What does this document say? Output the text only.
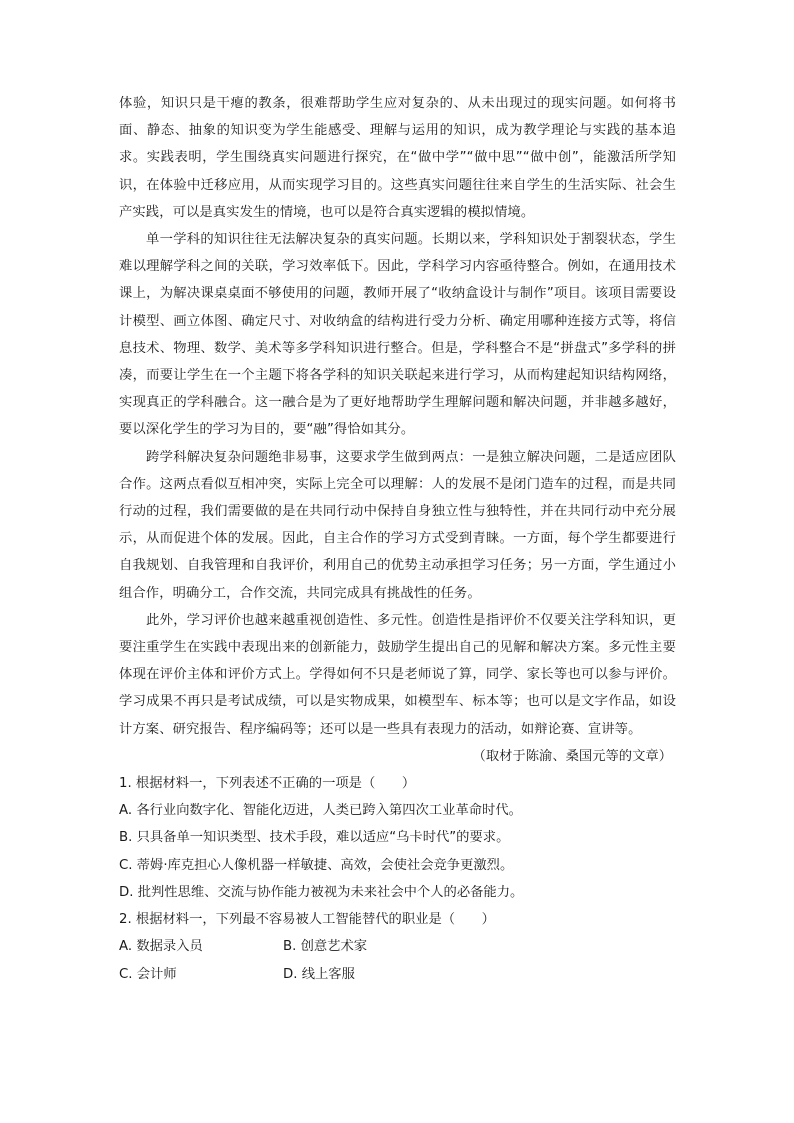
体验，知识只是干瘪的教条，很难帮助学生应对复杂的、从未出现过的现实问题。如何将书面、静态、抽象的知识变为学生能感受、理解与运用的知识，成为教学理论与实践的基本追求。实践表明，学生围绕真实问题进行探究，在“做中学”“做中思”“做中创”，能激活所学知识，在体验中迁移应用，从而实现学习目的。这些真实问题往往来自学生的生活实际、社会生产实践，可以是真实发生的情境，也可以是符合真实逻辑的模拟情境。

单一学科的知识往往无法解决复杂的真实问题。长期以来，学科知识处于割裂状态，学生难以理解学科之间的关联，学习效率低下。因此，学科学习内容亟待整合。例如，在通用技术课上，为解决课桌桌面不够使用的问题，教师开展了“收纳盒设计与制作”项目。该项目需要设计模型、画立体图、确定尺寸、对收纳盒的结构进行受力分析、确定用哪种连接方式等，将信息技术、物理、数学、美术等多学科知识进行整合。但是，学科整合不是“拼盘式”多学科的拼凑，而要让学生在一个主题下将各学科的知识关联起来进行学习，从而构建起知识结构网络，实现真正的学科融合。这一融合是为了更好地帮助学生理解问题和解决问题，并非越多越好，要以深化学生的学习为目的，要“融”得恰如其分。

跨学科解决复杂问题绝非易事，这要求学生做到两点：一是独立解决问题，二是适应团队合作。这两点看似互相冲突，实际上完全可以理解：人的发展不是闭门造车的过程，而是共同行动的过程，我们需要做的是在共同行动中保持自身独立性与独特性，并在共同行动中充分展示，从而促进个体的发展。因此，自主合作的学习方式受到青睐。一方面，每个学生都要进行自我规划、自我管理和自我评价，利用自己的优势主动承担学习任务；另一方面，学生通过小组合作，明确分工，合作交流，共同完成具有挑战性的任务。

此外，学习评价也越来越重视创造性、多元性。创造性是指评价不仅要关注学科知识，更要注重学生在实践中表现出来的创新能力，鼓励学生提出自己的见解和解决方案。多元性主要体现在评价主体和评价方式上。学得如何不只是老师说了算，同学、家长等也可以参与评价。学习成果不再只是考试成绩，可以是实物成果，如模型车、标本等；也可以是文字作品，如设计方案、研究报告、程序编码等；还可以是一些具有表现力的活动，如辩论赛、宣讲等。

（取材于陈渝、桑国元等的文章）

1. 根据材料一，下列表述不正确的一项是（　　）

A. 各行业向数字化、智能化迈进，人类已跨入第四次工业革命时代。

B. 只具备单一知识类型、技术手段，难以适应“乌卡时代”的要求。

C. 蒂姆·库克担心人像机器一样敏捷、高效，会使社会竞争更激烈。

D. 批判性思维、交流与协作能力被视为未来社会中个人的必备能力。

2. 根据材料一，下列最不容易被人工智能替代的职业是（　　）

A. 数据录入员	B. 创意艺术家
C. 会计师	D. 线上客服
